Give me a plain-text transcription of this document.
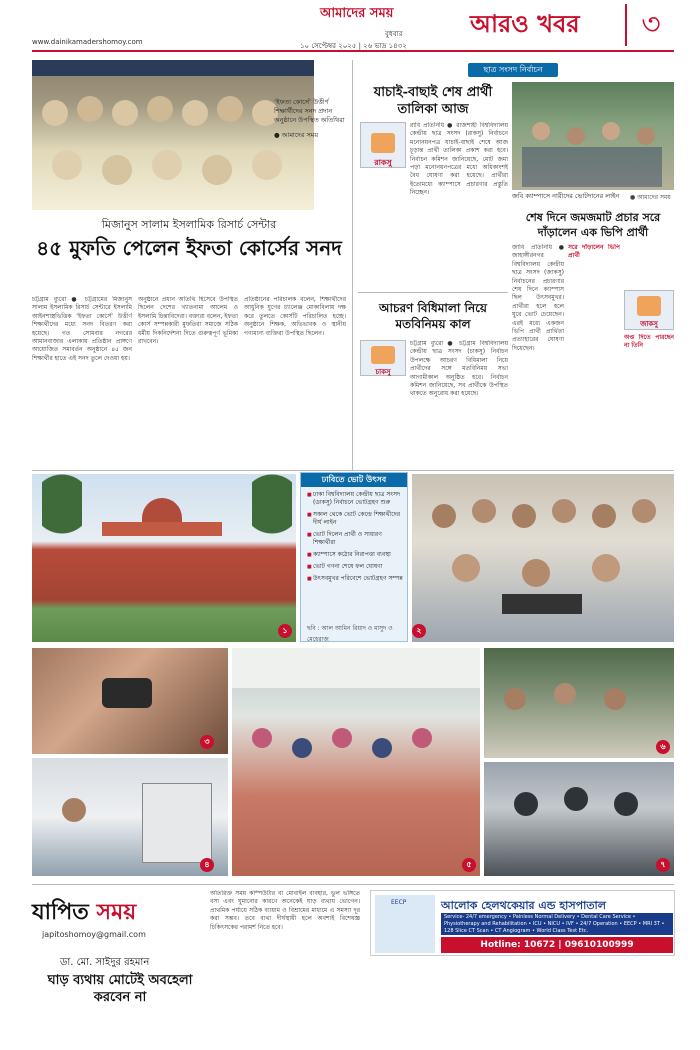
আমাদের সময়
বুধবার
www.dainikamadershomoy.com	১০ সেপ্টেম্বর ২০২৫ | ২৬ ভাদ্র ১৪৩২
আরও খবর	৩
‘ইফতা কোর্সে’ উত্তীর্ণ শিক্ষার্থীদের সনদ প্রদান অনুষ্ঠানে উপস্থিত অতিথিরা
● আমাদের সময়
মিজানুস সালাম ইসলামিক রিসার্চ সেন্টার
৪৫ মুফতি পেলেন ইফতা কোর্সের সনদ

চট্টগ্রাম ব্যুরো ● চট্টগ্রামের মিজানুস সালাম ইসলামিক রিসার্চ সেন্টারে ইসলামি আইনশাস্ত্রভিত্তিক ‘ইফতা কোর্সে’ উত্তীর্ণ শিক্ষার্থীদের মধ্যে সনদ বিতরণ করা হয়েছে। গত সোমবার নগরের আমানবাজার এলাকায় প্রতিষ্ঠান প্রাঙ্গণে আয়োজিত সমাবর্তন অনুষ্ঠানে ৪৫ জন শিক্ষার্থীর হাতে এই সনদ তুলে দেওয়া হয়।

অনুষ্ঠানে প্রধান অতিথি হিসেবে উপস্থিত ছিলেন দেশের খ্যাতনামা আলেম ও ইসলামি চিন্তাবিদেরা। বক্তারা বলেন, ইফতা কোর্স সম্পন্নকারী মুফতিরা সমাজে সঠিক ধর্মীয় দিকনির্দেশনা দিতে গুরুত্বপূর্ণ ভূমিকা রাখবেন।

প্রতিষ্ঠানের পরিচালক বলেন, শিক্ষার্থীদের আধুনিক যুগের চ্যালেঞ্জ মোকাবিলায় দক্ষ করে তুলতে কোর্সটি পরিচালিত হচ্ছে। অনুষ্ঠানে শিক্ষক, অভিভাবক ও স্থানীয় গণ্যমান্য ব্যক্তিরা উপস্থিত ছিলেন।

ছাত্র সংসদ নির্বাচন
যাচাই-বাছাই শেষ প্রার্থী তালিকা আজ
রাকসু

রাবি প্রতিনিধি ● রাজশাহী বিশ্ববিদ্যালয় কেন্দ্রীয় ছাত্র সংসদ (রাকসু) নির্বাচনে মনোনয়নপত্র যাচাই-বাছাই শেষে আজ চূড়ান্ত প্রার্থী তালিকা প্রকাশ করা হবে। নির্বাচন কমিশন জানিয়েছে, মোট জমা পড়া মনোনয়নপত্রের মধ্যে অধিকাংশই বৈধ ঘোষণা করা হয়েছে। প্রার্থীরা ইতোমধ্যে ক্যাম্পাসে প্রচারণার প্রস্তুতি নিচ্ছেন।

আচরণ বিধিমালা নিয়ে মতবিনিময় কাল
চাকসু

চট্টগ্রাম ব্যুরো ● চট্টগ্রাম বিশ্ববিদ্যালয় কেন্দ্রীয় ছাত্র সংসদ (চাকসু) নির্বাচন উপলক্ষে আচরণ বিধিমালা নিয়ে প্রার্থীদের সঙ্গে মতবিনিময় সভা আগামীকাল অনুষ্ঠিত হবে। নির্বাচন কমিশন জানিয়েছে, সব প্রার্থীকে উপস্থিত থাকতে অনুরোধ করা হয়েছে।

জবি ক্যাম্পাসে নারীদের ভোটদানের লাইন	● আমাদের সময়
শেষ দিনে জমজমাট প্রচার সরে দাঁড়ালেন এক ভিপি প্রার্থী

জাবি প্রতিনিধি ● জাহাঙ্গীরনগর বিশ্ববিদ্যালয় কেন্দ্রীয় ছাত্র সংসদ (জাকসু) নির্বাচনের প্রচারণার শেষ দিনে ক্যাম্পাস ছিল উৎসবমুখর। প্রার্থীরা হলে হলে ঘুরে ভোট চেয়েছেন। এরই মধ্যে একজন ভিপি প্রার্থী প্রার্থিতা প্রত্যাহারের ঘোষণা দিয়েছেন।

সরে দাঁড়ালেন ভিপি প্রার্থী

জাকসু

অপ্ত দিতে পারছেন না তিনি

১
ঢাবিতে ভোট উৎসব
■ ঢাকা বিশ্ববিদ্যালয় কেন্দ্রীয় ছাত্র সংসদ (ডাকসু) নির্বাচনে ভোটগ্রহণ শুরু
■ সকাল থেকে ভোট কেন্দ্রে শিক্ষার্থীদের দীর্ঘ লাইন
■ ভোট দিলেন প্রার্থী ও সাধারণ শিক্ষার্থীরা
■ ক্যাম্পাসে কঠোর নিরাপত্তা ব্যবস্থা
■ ভোট গণনা শেষে ফল ঘোষণা
■ উৎসবমুখর পরিবেশে ভোটগ্রহণ সম্পন্ন
ছবি : আল আমিন রিয়াদ ও মাসুদ ও মেহেরাজ
২
৩
৪	৫
৬
৭
যাপিত সময়
japitoshomoy@gmail.com
ডা. মো. সাইদুর রহমান
ঘাড় ব্যথায় মোটেই অবহেলা করবেন না

অতিরিক্ত সময় কম্পিউটার বা মোবাইল ব্যবহার, ভুল ভঙ্গিতে বসা এবং ঘুমানোর কারণে অনেকেই ঘাড় ব্যথায় ভোগেন। প্রাথমিক পর্যায়ে সঠিক ব্যায়াম ও বিশ্রামের মাধ্যমে এ সমস্যা দূর করা সম্ভব। তবে ব্যথা দীর্ঘস্থায়ী হলে অবশ্যই বিশেষজ্ঞ চিকিৎসকের পরামর্শ নিতে হবে।

EECP	আলোক হেলথকেয়ার এন্ড হাসপাতাল
Service- 24/7 emergency • Painless Normal Delivery • Dental Care Service • Physiotherapy and Rehabilitation • ICU • NICU • IVF • 24/7 Operation • EECP • MRI 3T • 128 Slice CT Scan • CT Angiogram • World Class Test Etc.
Hotline: 10672 | 09610100999
